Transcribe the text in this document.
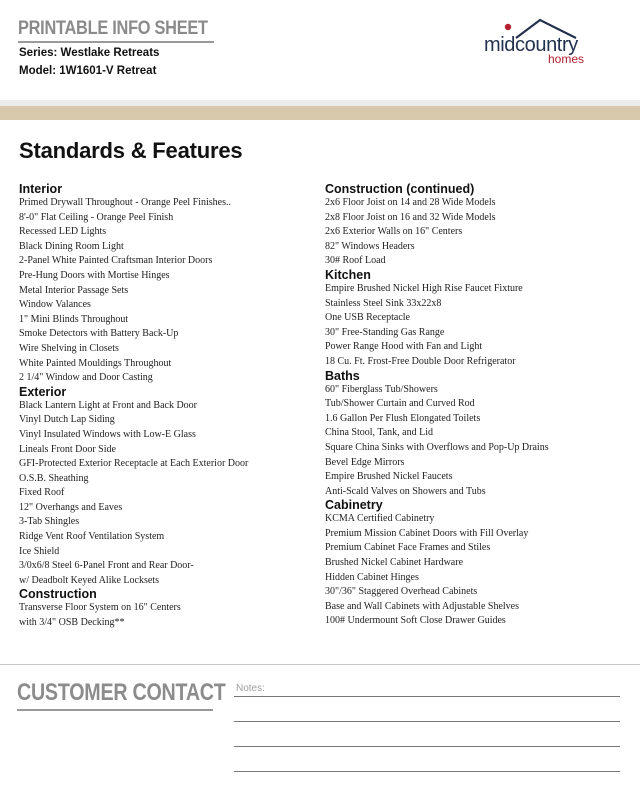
PRINTABLE INFO SHEET
Series: Westlake Retreats
Model: 1W1601-V Retreat
midcountry
homes
Standards & Features
Interior
Primed Drywall Throughout - Orange Peel Finishes..
8'-0" Flat Ceiling - Orange Peel Finish
Recessed LED Lights
Black Dining Room Light
2-Panel White Painted Craftsman Interior Doors
Pre-Hung Doors with Mortise Hinges
Metal Interior Passage Sets
Window Valances
1" Mini Blinds Throughout
Smoke Detectors with Battery Back-Up
Wire Shelving in Closets
White Painted Mouldings Throughout
2 1/4" Window and Door Casting
Exterior
Black Lantern Light at Front and Back Door
Vinyl Dutch Lap Siding
Vinyl Insulated Windows with Low-E Glass
Lineals Front Door Side
GFI-Protected Exterior Receptacle at Each Exterior Door
O.S.B. Sheathing
Fixed Roof
12" Overhangs and Eaves
3-Tab Shingles
Ridge Vent Roof Ventilation System
Ice Shield
3/0x6/8 Steel 6-Panel Front and Rear Door-
w/ Deadbolt Keyed Alike Locksets
Construction
Transverse Floor System on 16" Centers
with 3/4" OSB Decking**
Construction (continued)
2x6 Floor Joist on 14 and 28 Wide Models
2x8 Floor Joist on 16 and 32 Wide Models
2x6 Exterior Walls on 16" Centers
82" Windows Headers
30# Roof Load
Kitchen
Empire Brushed Nickel High Rise Faucet Fixture
Stainless Steel Sink 33x22x8
One USB Receptacle
30" Free-Standing Gas Range
Power Range Hood with Fan and Light
18 Cu. Ft. Frost-Free Double Door Refrigerator
Baths
60" Fiberglass Tub/Showers
Tub/Shower Curtain and Curved Rod
1.6 Gallon Per Flush Elongated Toilets
China Stool, Tank, and Lid
Square China Sinks with Overflows and Pop-Up Drains
Bevel Edge Mirrors
Empire Brushed Nickel Faucets
Anti-Scald Valves on Showers and Tubs
Cabinetry
KCMA Certified Cabinetry
Premium Mission Cabinet Doors with Fill Overlay
Premium Cabinet Face Frames and Stiles
Brushed Nickel Cabinet Hardware
Hidden Cabinet Hinges
30"/36" Staggered Overhead Cabinets
Base and Wall Cabinets with Adjustable Shelves
100# Undermount Soft Close Drawer Guides
CUSTOMER CONTACT Notes:
